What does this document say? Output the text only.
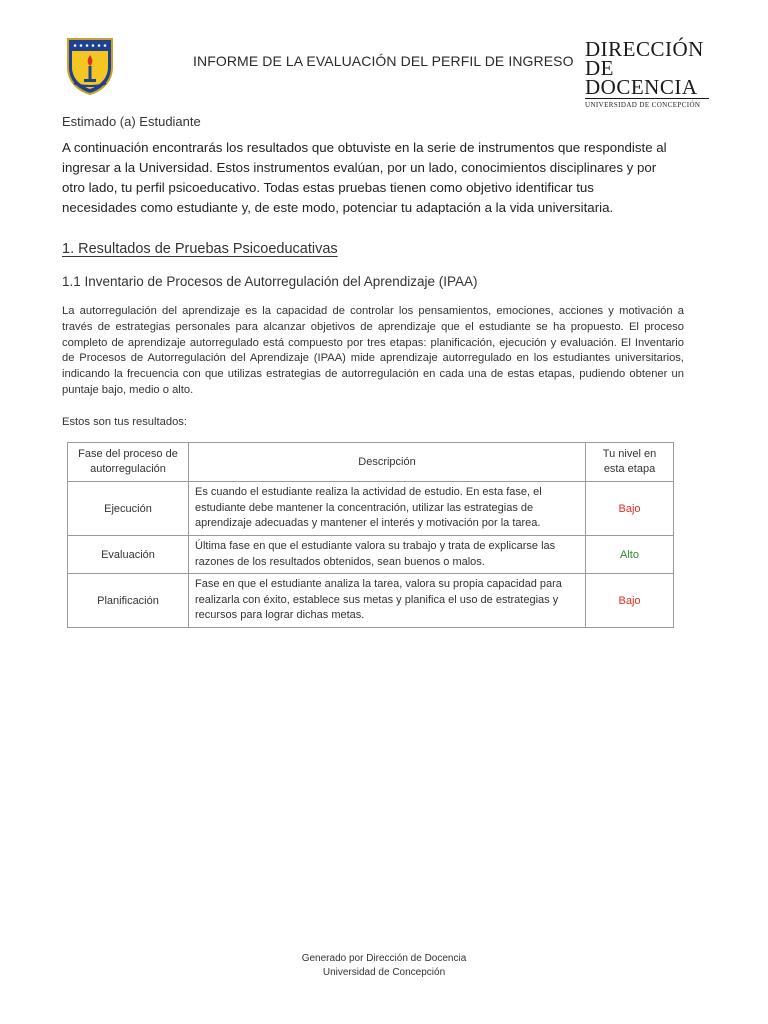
INFORME DE LA EVALUACIÓN DEL PERFIL DE INGRESO DIRECCIÓN
DE DOCENCIA
UNIVERSIDAD DE CONCEPCIÓN
Estimado (a) Estudiante
A continuación encontrarás los resultados que obtuviste en la serie de instrumentos que respondiste al ingresar a la Universidad. Estos instrumentos evalúan, por un lado, conocimientos disciplinares y por otro lado, tu perfil psicoeducativo. Todas estas pruebas tienen como objetivo identificar tus necesidades como estudiante y, de este modo, potenciar tu adaptación a la vida universitaria.
1. Resultados de Pruebas Psicoeducativas
1.1 Inventario de Procesos de Autorregulación del Aprendizaje (IPAA)
La autorregulación del aprendizaje es la capacidad de controlar los pensamientos, emociones, acciones y motivación a través de estrategias personales para alcanzar objetivos de aprendizaje que el estudiante se ha propuesto. El proceso completo de aprendizaje autorregulado está compuesto por tres etapas: planificación, ejecución y evaluación. El Inventario de Procesos de Autorregulación del Aprendizaje (IPAA) mide aprendizaje autorregulado en los estudiantes universitarios, indicando la frecuencia con que utilizas estrategias de autorregulación en cada una de estas etapas, pudiendo obtener un puntaje bajo, medio o alto.
Estos son tus resultados:
Fase del proceso de autorregulación	Descripción	Tu nivel en esta etapa
Ejecución	Es cuando el estudiante realiza la actividad de estudio. En esta fase, el estudiante debe mantener la concentración, utilizar las estrategias de aprendizaje adecuadas y mantener el interés y motivación por la tarea.	Bajo
Evaluación	Última fase en que el estudiante valora su trabajo y trata de explicarse las razones de los resultados obtenidos, sean buenos o malos.	Alto
Planificación	Fase en que el estudiante analiza la tarea, valora su propia capacidad para realizarla con éxito, establece sus metas y planifica el uso de estrategias y recursos para lograr dichas metas.	Bajo
Generado por Dirección de Docencia
Universidad de Concepción
